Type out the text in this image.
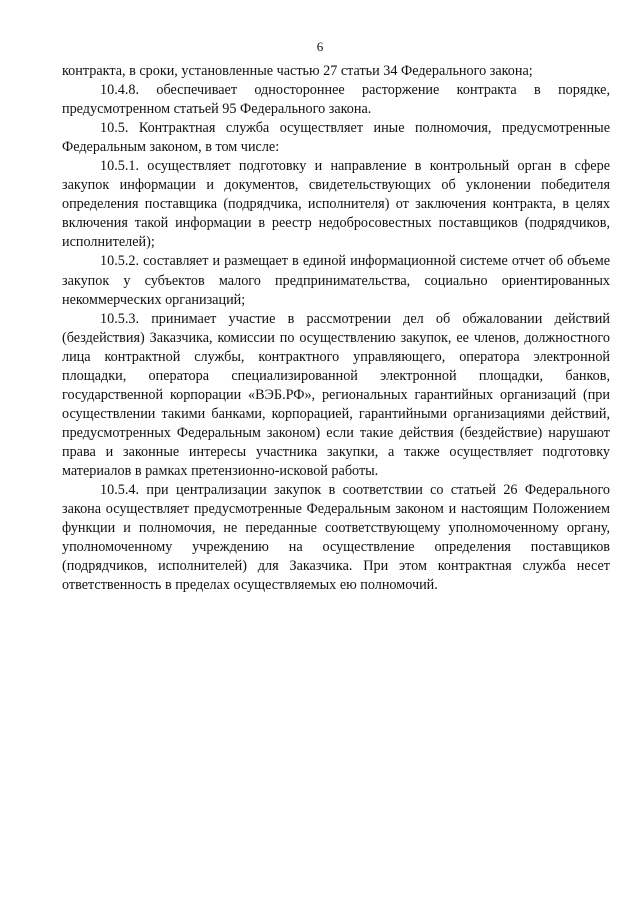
6

контракта, в сроки, установленные частью 27 статьи 34 Федерального закона;

10.4.8. обеспечивает одностороннее расторжение контракта в порядке, предусмотренном статьей 95 Федерального закона.

10.5. Контрактная служба осуществляет иные полномочия, предусмотренные Федеральным законом, в том числе:

10.5.1. осуществляет подготовку и направление в контрольный орган в сфере закупок информации и документов, свидетельствующих об уклонении победителя определения поставщика (подрядчика, исполнителя) от заключения контракта, в целях включения такой информации в реестр недобросовестных поставщиков (подрядчиков, исполнителей);

10.5.2. составляет и размещает в единой информационной системе отчет об объеме закупок у субъектов малого предпринимательства, социально ориентированных некоммерческих организаций;

10.5.3. принимает участие в рассмотрении дел об обжаловании действий (бездействия) Заказчика, комиссии по осуществлению закупок, ее членов, должностного лица контрактной службы, контрактного управляющего, оператора электронной площадки, оператора специализированной электронной площадки, банков, государственной корпорации «ВЭБ.РФ», региональных гарантийных организаций (при осуществлении такими банками, корпорацией, гарантийными организациями действий, предусмотренных Федеральным законом) если такие действия (бездействие) нарушают права и законные интересы участника закупки, а также осуществляет подготовку материалов в рамках претензионно-исковой работы.

10.5.4. при централизации закупок в соответствии со статьей 26 Федерального закона осуществляет предусмотренные Федеральным законом и настоящим Положением функции и полномочия, не переданные соответствующему уполномоченному органу, уполномоченному учреждению на осуществление определения поставщиков (подрядчиков, исполнителей) для Заказчика. При этом контрактная служба несет ответственность в пределах осуществляемых ею полномочий.
